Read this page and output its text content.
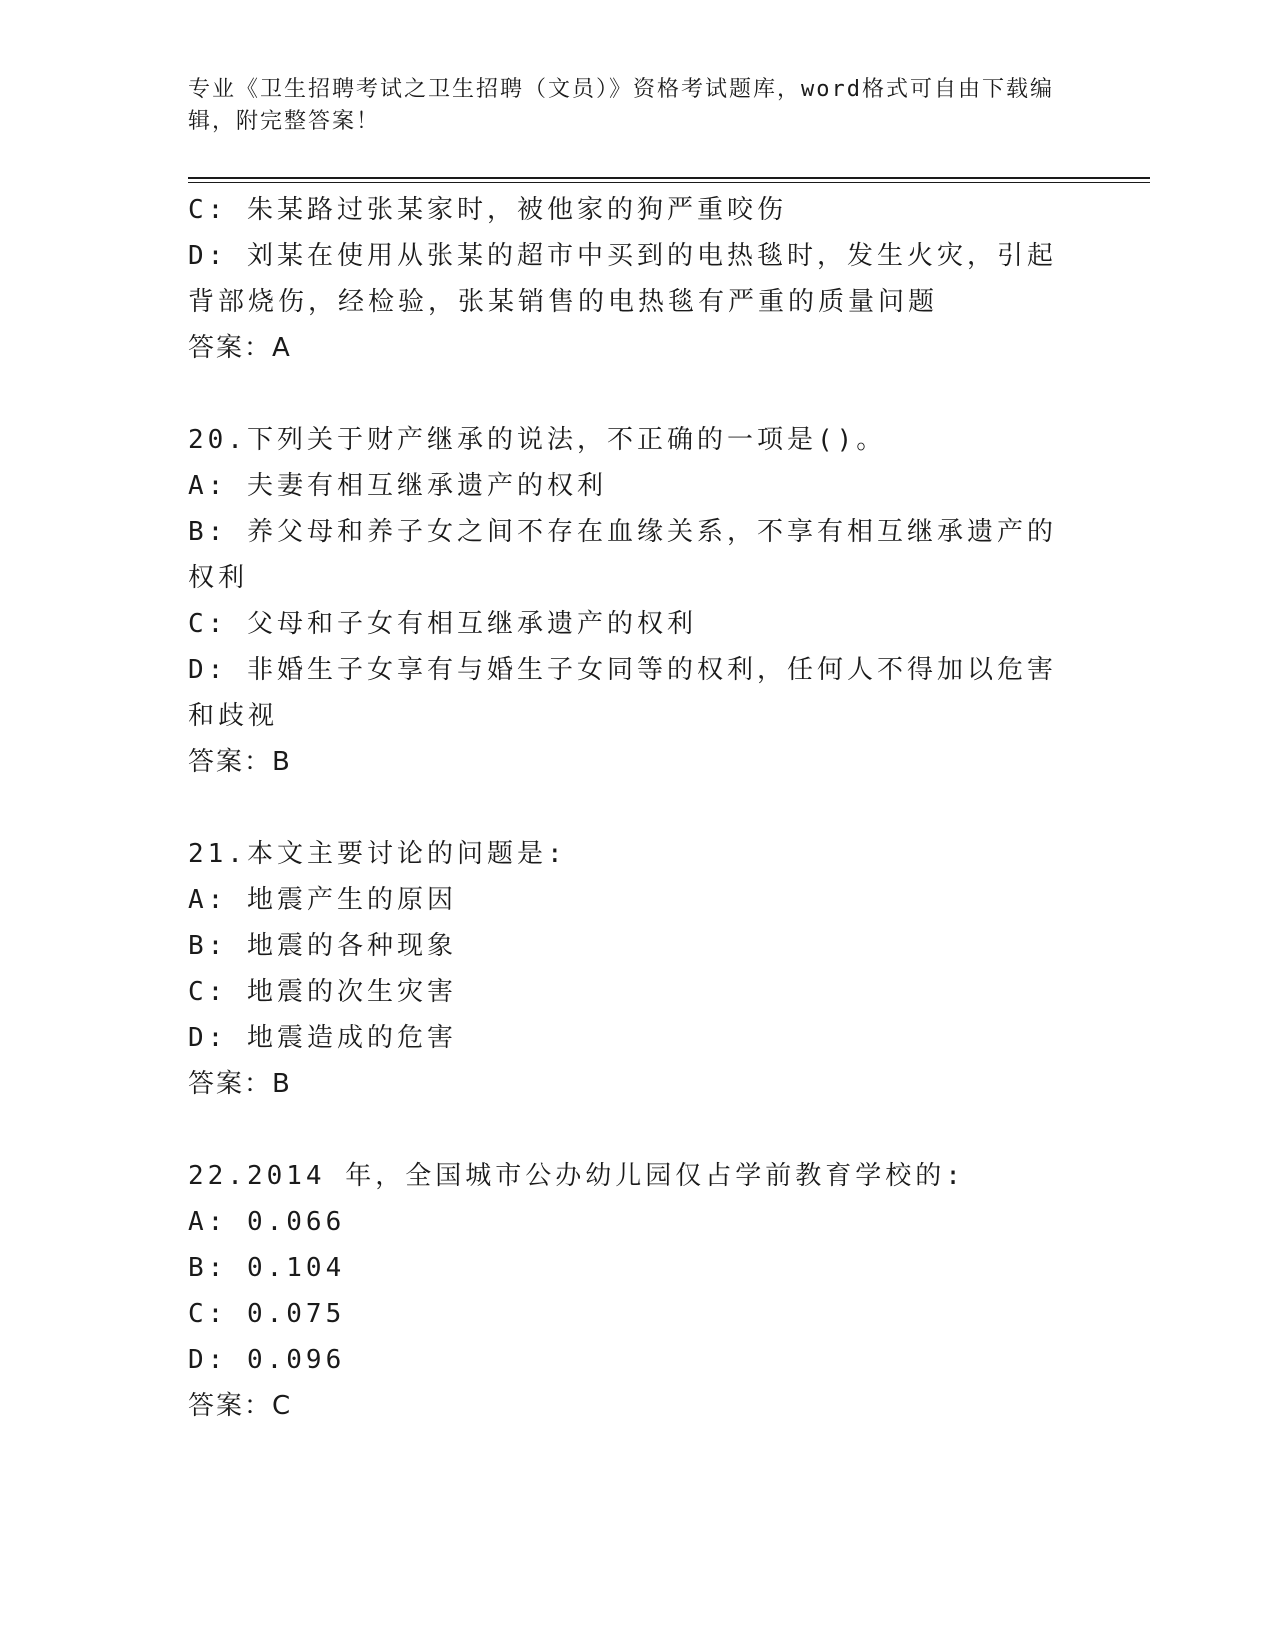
专业《卫生招聘考试之卫生招聘（文员）》资格考试题库，word格式可自由下载编辑，附完整答案！
C: 朱某路过张某家时，被他家的狗严重咬伤
D: 刘某在使用从张某的超市中买到的电热毯时，发生火灾，引起背部烧伤，经检验，张某销售的电热毯有严重的质量问题
答案：A
20.下列关于财产继承的说法，不正确的一项是()。
A: 夫妻有相互继承遗产的权利
B: 养父母和养子女之间不存在血缘关系，不享有相互继承遗产的权利
C: 父母和子女有相互继承遗产的权利
D: 非婚生子女享有与婚生子女同等的权利，任何人不得加以危害和歧视
答案：B
21.本文主要讨论的问题是:
A: 地震产生的原因
B: 地震的各种现象
C: 地震的次生灾害
D: 地震造成的危害
答案：B
22.2014 年，全国城市公办幼儿园仅占学前教育学校的:
A: 0.066
B: 0.104
C: 0.075
D: 0.096
答案：C
